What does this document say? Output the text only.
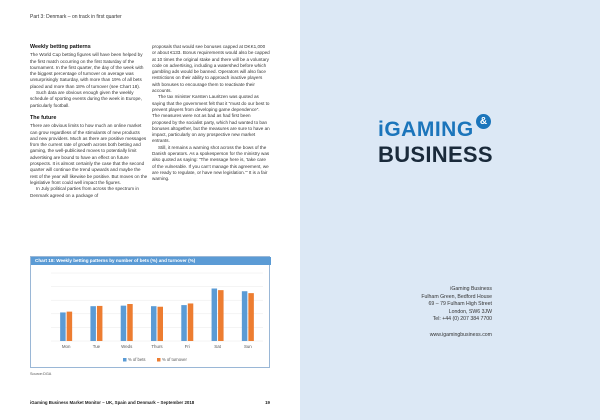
Part 3: Denmark – on track in first quarter
Weekly betting patterns

The World Cup betting figures will have been helped by the first match occurring on the first Saturday of the tournament. In the first quarter, the day of the week with the biggest percentage of turnover on average was unsurprisingly Saturday, with more than 19% of all bets placed and more than 18% of turnover (see Chart 18).

Such data are obvious enough given the weekly schedule of sporting events during the week in Europe, particularly football.

The future

There are obvious limits to how much an online market can grow regardless of the stimulants of new products and new providers. Much as there are positive messages from the current rate of growth across both betting and gaming, the well-publicised moves to potentially limit advertising are bound to have an effect on future prospects. It is almost certainly the case that the second quarter will continue the trend upwards and maybe the rest of the year will likewise be positive. But moves on the legislative front could well impact the figures.

In July political parties from across the spectrum in Denmark agreed on a package of

proposals that would see bonuses capped at DKK1,000 or about €133. Bonus requirements would also be capped at 10 times the original stake and there will be a voluntary code on advertising, including a watershed before which gambling ads would be banned. Operators will also face restrictions on their ability to approach inactive players with bonuses to encourage them to reactivate their accounts.

The tax minister Karsten Lauritzen was quoted as saying that the government felt that it “must do our best to prevent players from developing game dependence”.

The measures were not as bad as had first been proposed by the socialist party, which had wanted to ban bonuses altogether, but the measures are sure to have an impact, particularly on any prospective new market entrants.

Still, it remains a warning shot across the bows of the Danish operators. As a spokesperson for the ministry was also quoted as saying: “The message here is, ‘take care of the vulnerable. If you can’t manage this agreement, we are ready to regulate, or have new legislation.’” It is a fair warning.

Chart 18: Weekly betting patterns by number of bets (%) and turnover (%)
Mon	Tue	Weds	Thurs	Fri	Sat	Sun
% of bets	% of turnover
Source:DGA
iGaming Business Market Monitor – UK, Spain and Denmark – September 2018	19
iGAMING &
BUSINESS
iGaming Business
Fulham Green, Bedford House
69 – 79 Fulham High Street
London, SW6 3JW
Tel: +44 (0) 207 384 7700
www.igamingbusiness.com
